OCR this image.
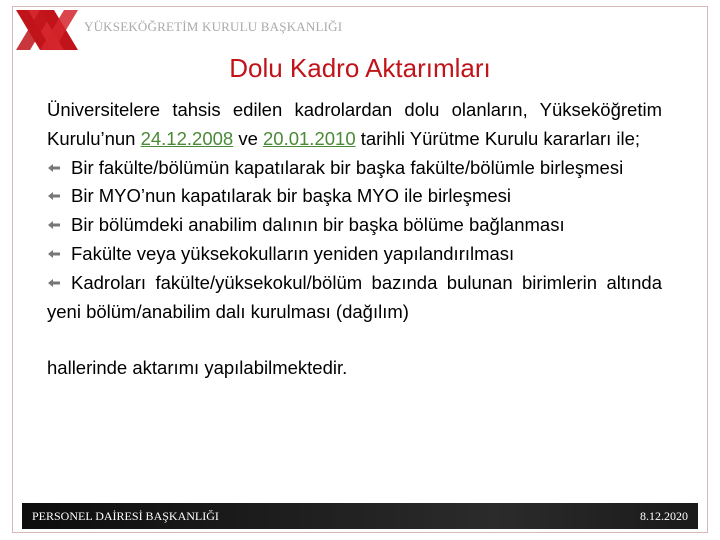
YÜKSEKÖĞRETİM KURULU BAŞKANLIĞI
Dolu Kadro Aktarımları
Üniversitelere tahsis edilen kadrolardan dolu olanların, Yükseköğretim Kurulu’nun 24.12.2008 ve 20.01.2010 tarihli Yürütme Kurulu kararları ile;
Bir fakülte/bölümün kapatılarak bir başka fakülte/bölümle birleşmesi
Bir MYO’nun kapatılarak bir başka MYO ile birleşmesi
Bir bölümdeki anabilim dalının bir başka bölüme bağlanması
Fakülte veya yüksekokulların yeniden yapılandırılması
Kadroları fakülte/yüksekokul/bölüm bazında bulunan birimlerin altında yeni bölüm/anabilim dalı kurulması (dağılım)
hallerinde aktarımı yapılabilmektedir.
PERSONEL DAİRESİ BAŞKANLIĞI	8.12.2020
